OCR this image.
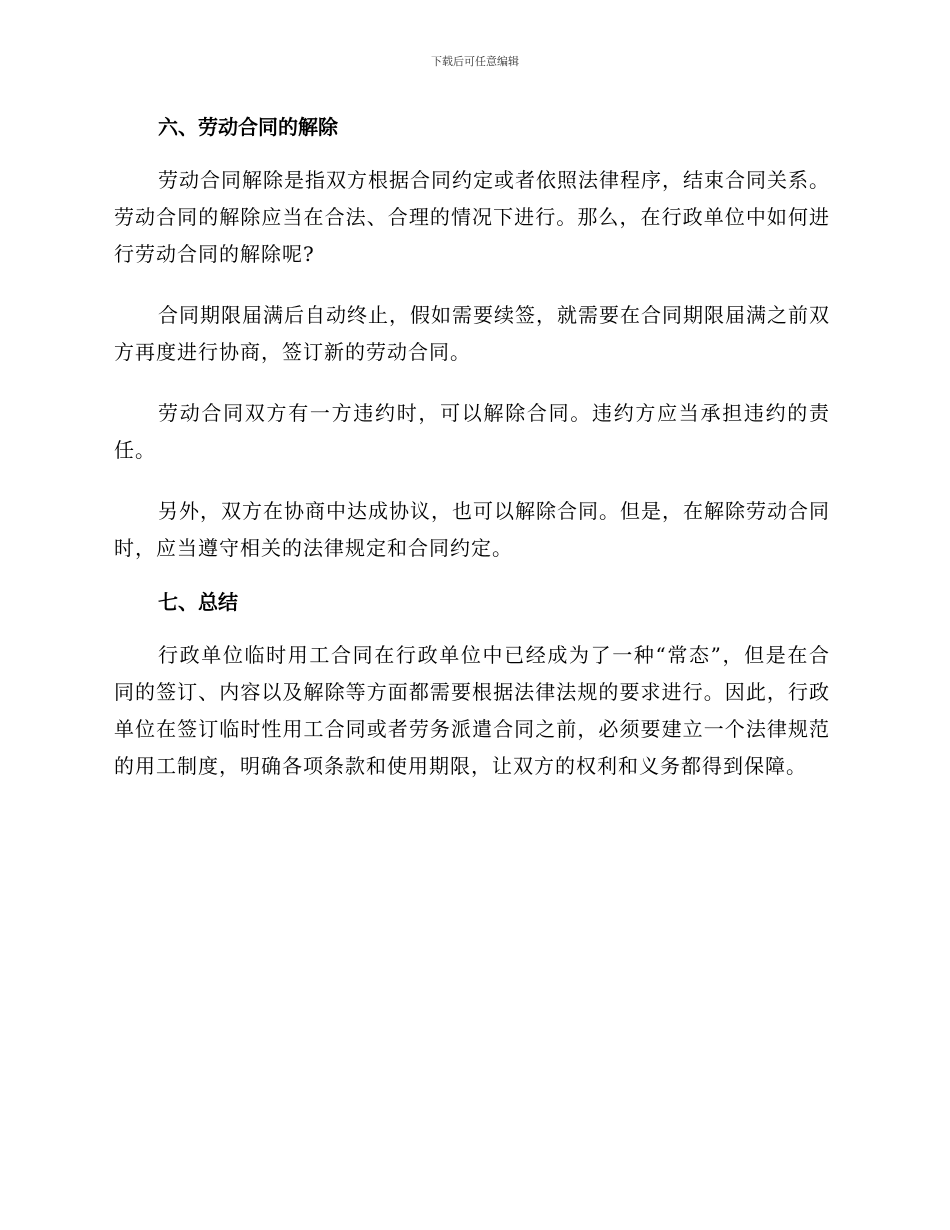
下载后可任意编辑
六、劳动合同的解除

劳动合同解除是指双方根据合同约定或者依照法律程序，结束合同关系。劳动合同的解除应当在合法、合理的情况下进行。那么，在行政单位中如何进行劳动合同的解除呢?

合同期限届满后自动终止，假如需要续签，就需要在合同期限届满之前双方再度进行协商，签订新的劳动合同。

劳动合同双方有一方违约时，可以解除合同。违约方应当承担违约的责任。

另外，双方在协商中达成协议，也可以解除合同。但是，在解除劳动合同时，应当遵守相关的法律规定和合同约定。

七、总结

行政单位临时用工合同在行政单位中已经成为了一种“常态”，但是在合同的签订、内容以及解除等方面都需要根据法律法规的要求进行。因此，行政单位在签订临时性用工合同或者劳务派遣合同之前，必须要建立一个法律规范的用工制度，明确各项条款和使用期限，让双方的权利和义务都得到保障。
